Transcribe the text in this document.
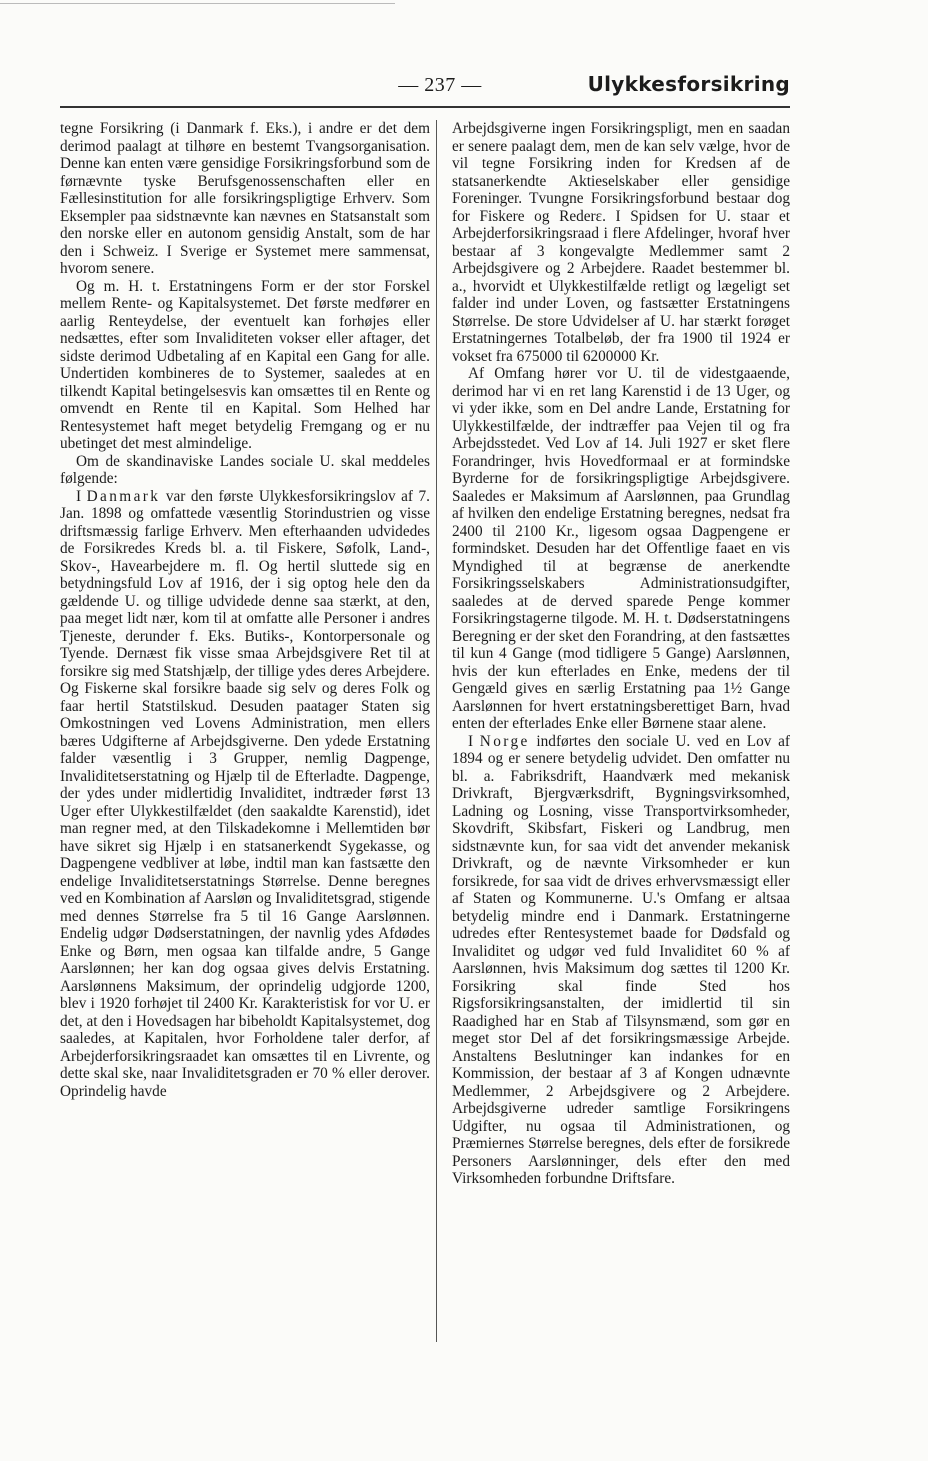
— 237 —	Ulykkesforsikring

tegne Forsikring (i Danmark f. Eks.), i andre er det dem derimod paalagt at tilhøre en bestemt Tvangsorganisation. Denne kan enten være gensidige Forsikringsforbund som de førnævnte tyske Berufsgenossenschaften eller en Fællesinstitution for alle forsikringspligtige Erhverv. Som Eksempler paa sidstnævnte kan nævnes en Statsanstalt som den norske eller en autonom gensidig Anstalt, som de har den i Schweiz. I Sverige er Systemet mere sammensat, hvorom senere.

Og m. H. t. Erstatningens Form er der stor Forskel mellem Rente- og Kapitalsystemet. Det første medfører en aarlig Renteydelse, der eventuelt kan forhøjes eller nedsættes, efter som Invaliditeten vokser eller aftager, det sidste derimod Udbetaling af en Kapital een Gang for alle. Undertiden kombineres de to Systemer, saaledes at en tilkendt Kapital betingelsesvis kan omsættes til en Rente og omvendt en Rente til en Kapital. Som Helhed har Rentesystemet haft meget betydelig Fremgang og er nu ubetinget det mest almindelige.

Om de skandinaviske Landes sociale U. skal meddeles følgende:

I Danmark var den første Ulykkesforsikringslov af 7. Jan. 1898 og omfattede væsentlig Storindustrien og visse driftsmæssig farlige Erhverv. Men efterhaanden udvidedes de Forsikredes Kreds bl. a. til Fiskere, Søfolk, Land-, Skov-, Havearbejdere m. fl. Og hertil sluttede sig en betydningsfuld Lov af 1916, der i sig optog hele den da gældende U. og tillige udvidede denne saa stærkt, at den, paa meget lidt nær, kom til at omfatte alle Personer i andres Tjeneste, derunder f. Eks. Butiks-, Kontorpersonale og Tyende. Dernæst fik visse smaa Arbejdsgivere Ret til at forsikre sig med Statshjælp, der tillige ydes deres Arbejdere. Og Fiskerne skal forsikre baade sig selv og deres Folk og faar hertil Statstilskud. Desuden paatager Staten sig Omkostningen ved Lovens Administration, men ellers bæres Udgifterne af Arbejdsgiverne. Den ydede Erstatning falder væsentlig i 3 Grupper, nemlig Dagpenge, Invaliditetserstatning og Hjælp til de Efterladte. Dagpenge, der ydes under midlertidig Invaliditet, indtræder først 13 Uger efter Ulykkestilfældet (den saakaldte Karenstid), idet man regner med, at den Tilskadekomne i Mellemtiden bør have sikret sig Hjælp i en statsanerkendt Sygekasse, og Dagpengene vedbliver at løbe, indtil man kan fastsætte den endelige Invaliditetserstatnings Størrelse. Denne beregnes ved en Kombination af Aarsløn og Invaliditetsgrad, stigende med dennes Størrelse fra 5 til 16 Gange Aarslønnen. Endelig udgør Dødserstatningen, der navnlig ydes Afdødes Enke og Børn, men ogsaa kan tilfalde andre, 5 Gange Aarslønnen; her kan dog ogsaa gives delvis Erstatning. Aarslønnens Maksimum, der oprindelig udgjorde 1200, blev i 1920 forhøjet til 2400 Kr. Karakteristisk for vor U. er det, at den i Hovedsagen har bibeholdt Kapitalsystemet, dog saaledes, at Kapitalen, hvor Forholdene taler derfor, af Arbejderforsikringsraadet kan omsættes til en Livrente, og dette skal ske, naar Invaliditetsgraden er 70 % eller derover. Oprindelig havde

Arbejdsgiverne ingen Forsikringspligt, men en saadan er senere paalagt dem, men de kan selv vælge, hvor de vil tegne Forsikring inden for Kredsen af de statsanerkendte Aktieselskaber eller gensidige Foreninger. Tvungne Forsikringsforbund bestaar dog for Fiskere og Rederε. I Spidsen for U. staar et Arbejderforsikringsraad i flere Afdelinger, hvoraf hver bestaar af 3 kongevalgte Medlemmer samt 2 Arbejdsgivere og 2 Arbejdere. Raadet bestemmer bl. a., hvorvidt et Ulykkestilfælde retligt og lægeligt set falder ind under Loven, og fastsætter Erstatningens Størrelse. De store Udvidelser af U. har stærkt forøget Erstatningernes Totalbeløb, der fra 1900 til 1924 er vokset fra 675000 til 6200000 Kr.

Af Omfang hører vor U. til de videstgaaende, derimod har vi en ret lang Karenstid i de 13 Uger, og vi yder ikke, som en Del andre Lande, Erstatning for Ulykkestilfælde, der indtræffer paa Vejen til og fra Arbejdsstedet. Ved Lov af 14. Juli 1927 er sket flere Forandringer, hvis Hovedformaal er at formindske Byrderne for de forsikringspligtige Arbejdsgivere. Saaledes er Maksimum af Aarslønnen, paa Grundlag af hvilken den endelige Erstatning beregnes, nedsat fra 2400 til 2100 Kr., ligesom ogsaa Dagpengene er formindsket. Desuden har det Offentlige faaet en vis Myndighed til at begrænse de anerkendte Forsikringsselskabers Administrationsudgifter, saaledes at de derved sparede Penge kommer Forsikringstagerne tilgode. M. H. t. Dødserstatningens Beregning er der sket den Forandring, at den fastsættes til kun 4 Gange (mod tidligere 5 Gange) Aarslønnen, hvis der kun efterlades en Enke, medens der til Gengæld gives en særlig Erstatning paa 1½ Gange Aarslønnen for hvert erstatningsberettiget Barn, hvad enten der efterlades Enke eller Børnene staar alene.

I Norge indførtes den sociale U. ved en Lov af 1894 og er senere betydelig udvidet. Den omfatter nu bl. a. Fabriksdrift, Haandværk med mekanisk Drivkraft, Bjergværksdrift, Bygningsvirksomhed, Ladning og Losning, visse Transportvirksomheder, Skovdrift, Skibsfart, Fiskeri og Landbrug, men sidstnævnte kun, for saa vidt det anvender mekanisk Drivkraft, og de nævnte Virksomheder er kun forsikrede, for saa vidt de drives erhvervsmæssigt eller af Staten og Kommunerne. U.'s Omfang er altsaa betydelig mindre end i Danmark. Erstatningerne udredes efter Rentesystemet baade for Dødsfald og Invaliditet og udgør ved fuld Invaliditet 60 % af Aarslønnen, hvis Maksimum dog sættes til 1200 Kr. Forsikring skal finde Sted hos Rigsforsikringsanstalten, der imidlertid til sin Raadighed har en Stab af Tilsynsmænd, som gør en meget stor Del af det forsikringsmæssige Arbejde. Anstaltens Beslutninger kan indankes for en Kommission, der bestaar af 3 af Kongen udnævnte Medlemmer, 2 Arbejdsgivere og 2 Arbejdere. Arbejdsgiverne udreder samtlige Forsikringens Udgifter, nu ogsaa til Administrationen, og Præmiernes Størrelse beregnes, dels efter de forsikrede Personers Aarslønninger, dels efter den med Virksomheden forbundne Driftsfare.
